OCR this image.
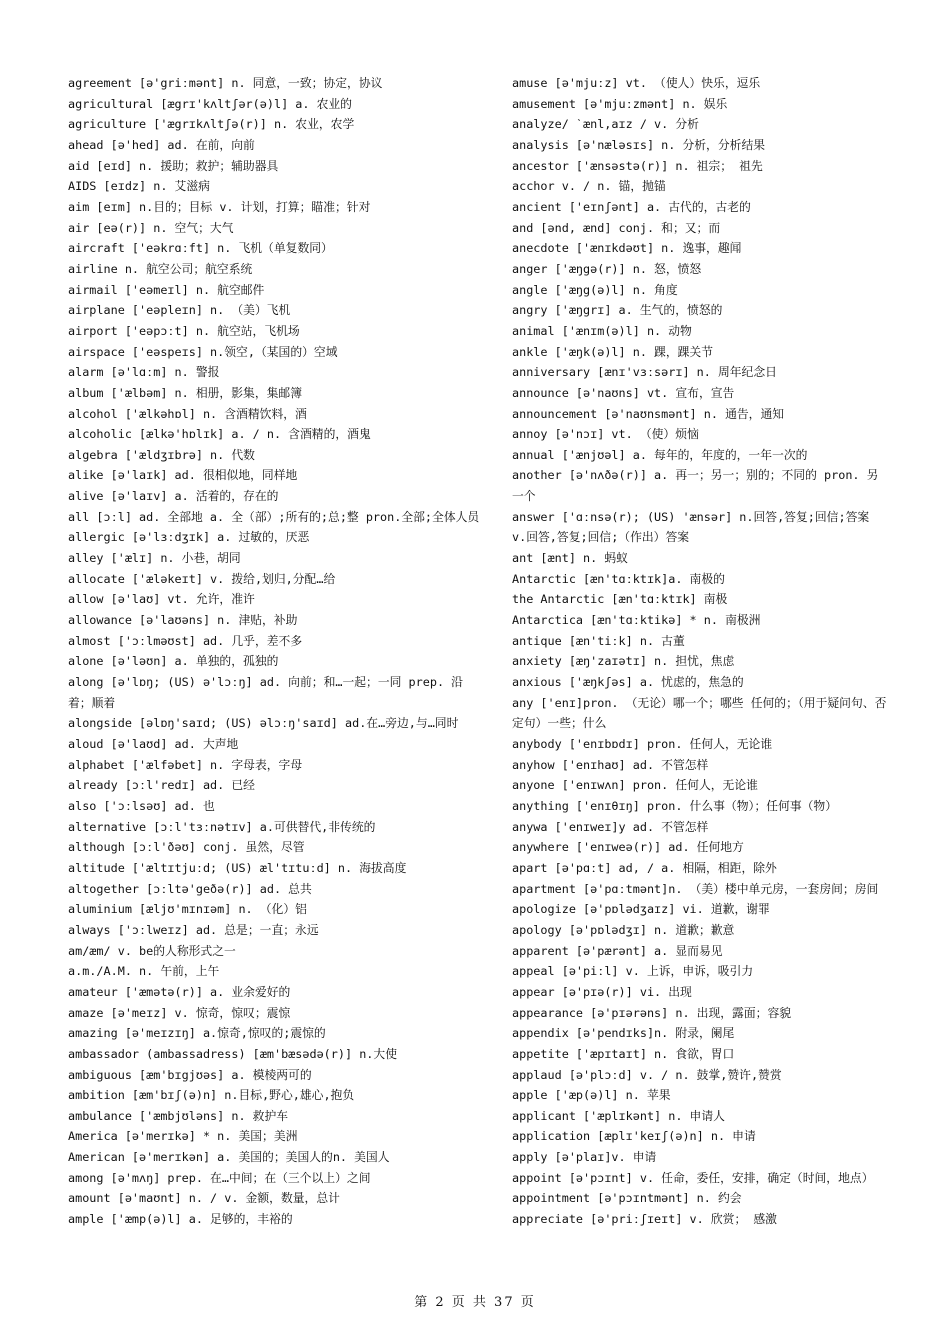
agreement [ə'griːmənt] n. 同意，一致；协定，协议

agricultural [ægrɪ'kʌltʃər(ə)l] a. 农业的

agriculture ['ægrɪkʌltʃə(r)] n. 农业，农学

ahead [ə'hed] ad. 在前，向前

aid [eɪd] n. 援助；救护；辅助器具

AIDS [eɪdz] n. 艾滋病

aim [eɪm] n.目的；目标 v. 计划，打算；瞄准；针对

air [eə(r)] n. 空气；大气

aircraft ['eəkrɑːft] n. 飞机（单复数同）

airline n. 航空公司；航空系统

airmail ['eəmeɪl] n. 航空邮件

airplane ['eəpleɪn] n. （美）飞机

airport ['eəpɔːt] n. 航空站，飞机场

airspace ['eəspeɪs] n.领空,（某国的）空域

alarm [ə'lɑːm] n. 警报

album ['ælbəm] n. 相册，影集，集邮簿

alcohol ['ælkəhɒl] n. 含酒精饮料，酒

alcoholic [ælkə'hɒlɪk] a. / n. 含酒精的，酒鬼

algebra ['ældʒɪbrə] n. 代数

alike [ə'laɪk] ad. 很相似地，同样地

alive [ə'laɪv] a. 活着的，存在的

all [ɔːl] ad. 全部地 a. 全（部）;所有的;总;整 pron.全部;全体人员

allergic [ə'lɜːdʒɪk] a. 过敏的，厌恶

alley ['ælɪ] n. 小巷，胡同

allocate ['æləkeɪt] v. 拨给,划归,分配…给

allow [ə'laʊ] vt. 允许，准许

allowance [ə'laʊəns] n. 津贴，补助

almost ['ɔːlməʊst] ad. 几乎，差不多

alone [ə'ləʊn] a. 单独的，孤独的

along [ə'lɒŋ; (US) ə'lɔːŋ] ad. 向前；和…一起；一同 prep. 沿着；顺着

alongside [əlɒŋ'saɪd; (US) əlɔːŋ'saɪd] ad.在…旁边,与…同时

aloud [ə'laʊd] ad. 大声地

alphabet ['ælfəbet] n. 字母表，字母

already [ɔːl'redɪ] ad. 已经

also ['ɔːlsəʊ] ad. 也

alternative [ɔːl'tɜːnətɪv] a.可供替代,非传统的

although [ɔːl'ðəʊ] conj. 虽然，尽管

altitude ['æltɪtjuːd; (US) æl'tɪtuːd] n. 海拔高度

altogether [ɔːltə'geðə(r)] ad. 总共

aluminium [æljʊ'mɪnɪəm] n. （化）铝

always ['ɔːlweɪz] ad. 总是；一直；永远

am/æm/ v. be的人称形式之一

a.m./A.M. n. 午前，上午

amateur ['æmətə(r)] a. 业余爱好的

amaze [ə'meɪz] v. 惊奇，惊叹；震惊

amazing [ə'meɪzɪŋ] a.惊奇,惊叹的;震惊的

ambassador (ambassadress) [æm'bæsədə(r)] n.大使

ambiguous [æm'bɪgjʊəs] a. 模棱两可的

ambition [æm'bɪʃ(ə)n] n.目标,野心,雄心,抱负

ambulance ['æmbjʊləns] n. 救护车

America [ə'merɪkə] * n. 美国；美洲

American [ə'merɪkən] a. 美国的；美国人的n. 美国人

among [ə'mʌŋ] prep. 在…中间；在（三个以上）之间

amount [ə'maʊnt] n. / v. 金额，数量，总计

ample ['æmp(ə)l] a. 足够的，丰裕的

amuse [ə'mjuːz] vt. （使人）快乐，逗乐

amusement [ə'mjuːzmənt] n. 娱乐

analyze/ ˋænl,aɪz / v. 分析

analysis [ə'næləsɪs] n. 分析，分析结果

ancestor ['ænsəstə(r)] n. 祖宗； 祖先

acchor v. / n. 锚，抛锚

ancient ['eɪnʃənt] a. 古代的，古老的

and [ənd, ænd] conj. 和；又；而

anecdote ['ænɪkdəʊt] n. 逸事，趣闻

anger ['æŋgə(r)] n. 怒，愤怒

angle ['æŋg(ə)l] n. 角度

angry ['æŋgrɪ] a. 生气的，愤怒的

animal ['ænɪm(ə)l] n. 动物

ankle ['æŋk(ə)l] n. 踝，踝关节

anniversary [ænɪ'vɜːsərɪ] n. 周年纪念日

announce [ə'naʊns] vt. 宣布，宣告

announcement [ə'naʊnsmənt] n. 通告，通知

annoy [ə'nɔɪ] vt. （使）烦恼

annual ['ænjʊəl] a. 每年的，年度的，一年一次的

another [ə'nʌðə(r)] a. 再一；另一；别的；不同的 pron. 另一个

answer ['ɑːnsə(r); (US) 'ænsər] n.回答,答复;回信;答案 v.回答,答复;回信;（作出）答案

ant [ænt] n. 蚂蚁

Antarctic [æn'tɑːktɪk]a. 南极的

the Antarctic [æn'tɑːktɪk] 南极

Antarctica [æn'tɑːktikə] * n. 南极洲

antique [æn'tiːk] n. 古董

anxiety [æŋ'zaɪətɪ] n. 担忧，焦虑

anxious ['æŋkʃəs] a. 忧虑的，焦急的

any ['enɪ]pron. （无论）哪一个；哪些 任何的；（用于疑问句、否定句）一些；什么

anybody ['enɪbɒdɪ] pron. 任何人，无论谁

anyhow ['enɪhaʊ] ad. 不管怎样

anyone ['enɪwʌn] pron. 任何人，无论谁

anything ['enɪθɪŋ] pron. 什么事（物）；任何事（物）

anywa ['enɪweɪ]y ad. 不管怎样

anywhere ['enɪweə(r)] ad. 任何地方

apart [ə'pɑːt] ad, / a. 相隔，相距，除外

apartment [ə'pɑːtmənt]n. （美）楼中单元房，一套房间；房间

apologize [ə'pɒlədʒaɪz] vi. 道歉，谢罪

apology [ə'pɒlədʒɪ] n. 道歉；歉意

apparent [ə'pærənt] a. 显而易见

appeal [ə'piːl] v. 上诉，申诉，吸引力

appear [ə'pɪə(r)] vi. 出现

appearance [ə'pɪərəns] n. 出现，露面；容貌

appendix [ə'pendɪks]n. 附录，阑尾

appetite ['æpɪtaɪt] n. 食欲，胃口

applaud [ə'plɔːd] v. / n. 鼓掌,赞许,赞赏

apple ['æp(ə)l] n. 苹果

applicant ['æplɪkənt] n. 申请人

application [æplɪ'keɪʃ(ə)n] n. 申请

apply [ə'plaɪ]v. 申请

appoint [ə'pɔɪnt] v. 任命，委任，安排，确定（时间，地点）

appointment [ə'pɔɪntmənt] n. 约会

appreciate [ə'priːʃɪeɪt] v. 欣赏； 感激

第 2 页 共 37 页
